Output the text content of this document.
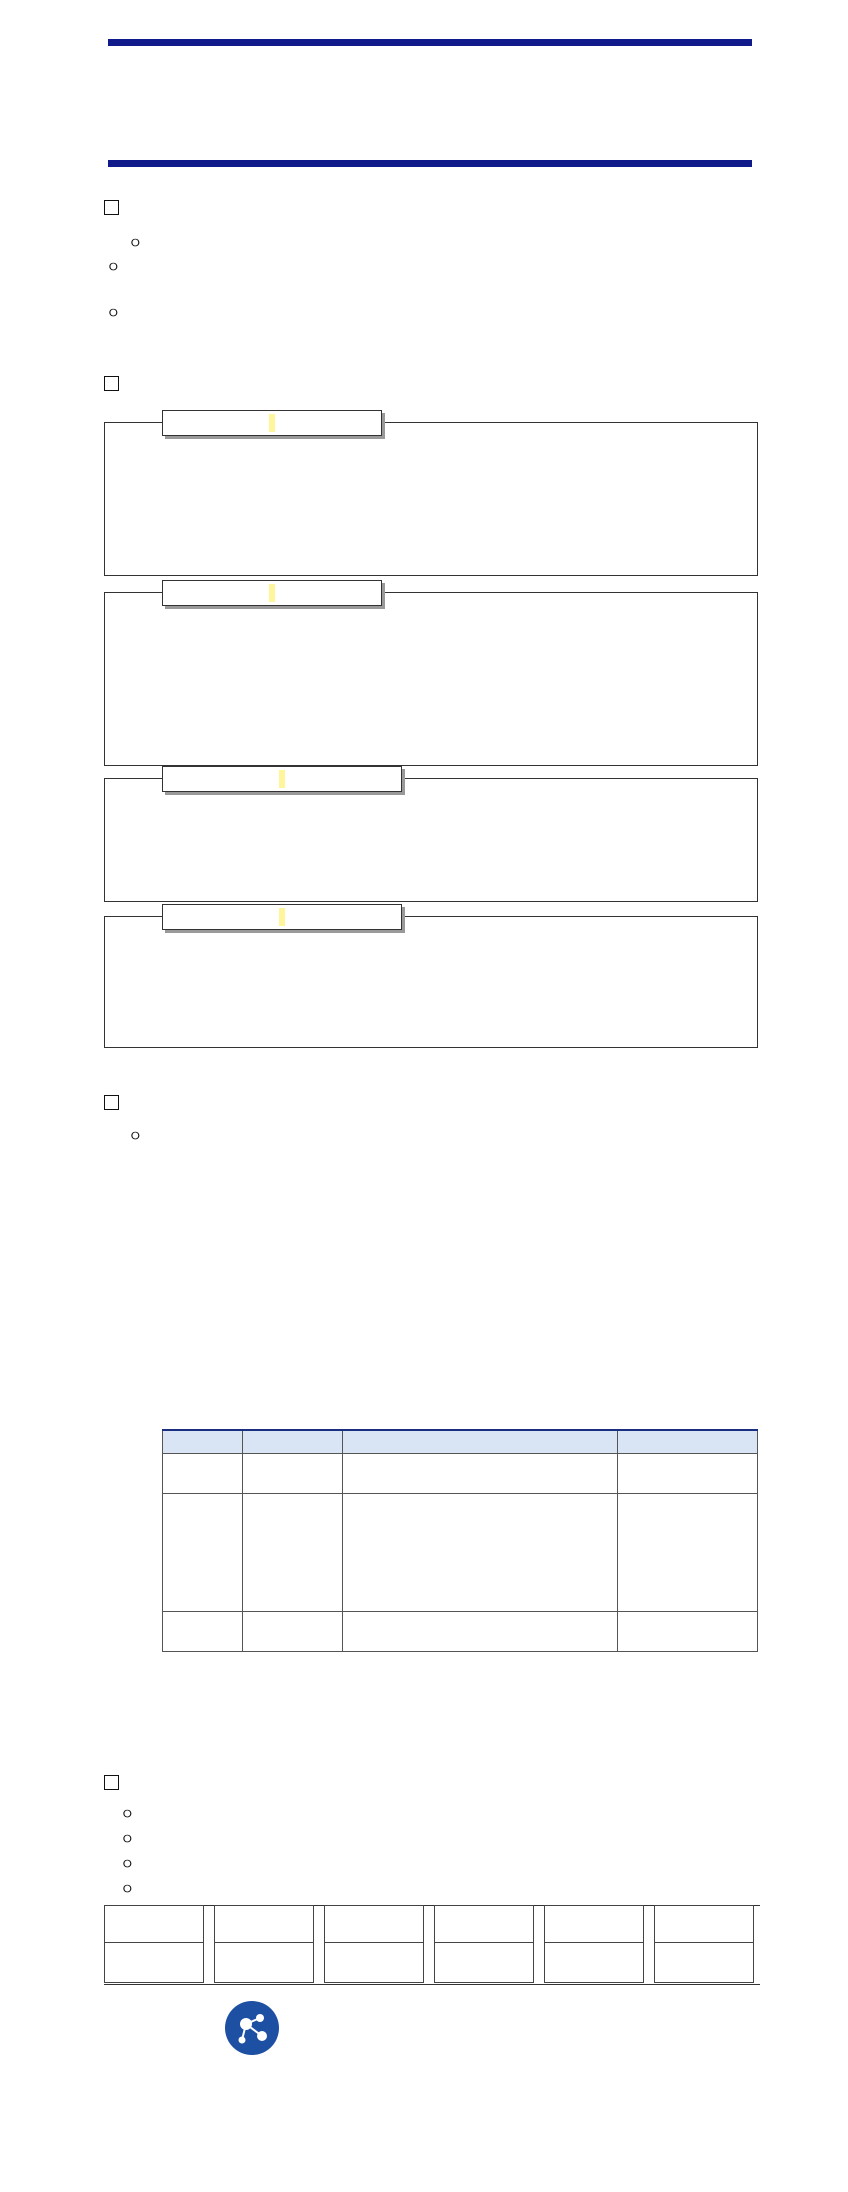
ㅇ
ㅇ
ㅇ
ㅇ

ㅇ
ㅇ
ㅇ
ㅇ
